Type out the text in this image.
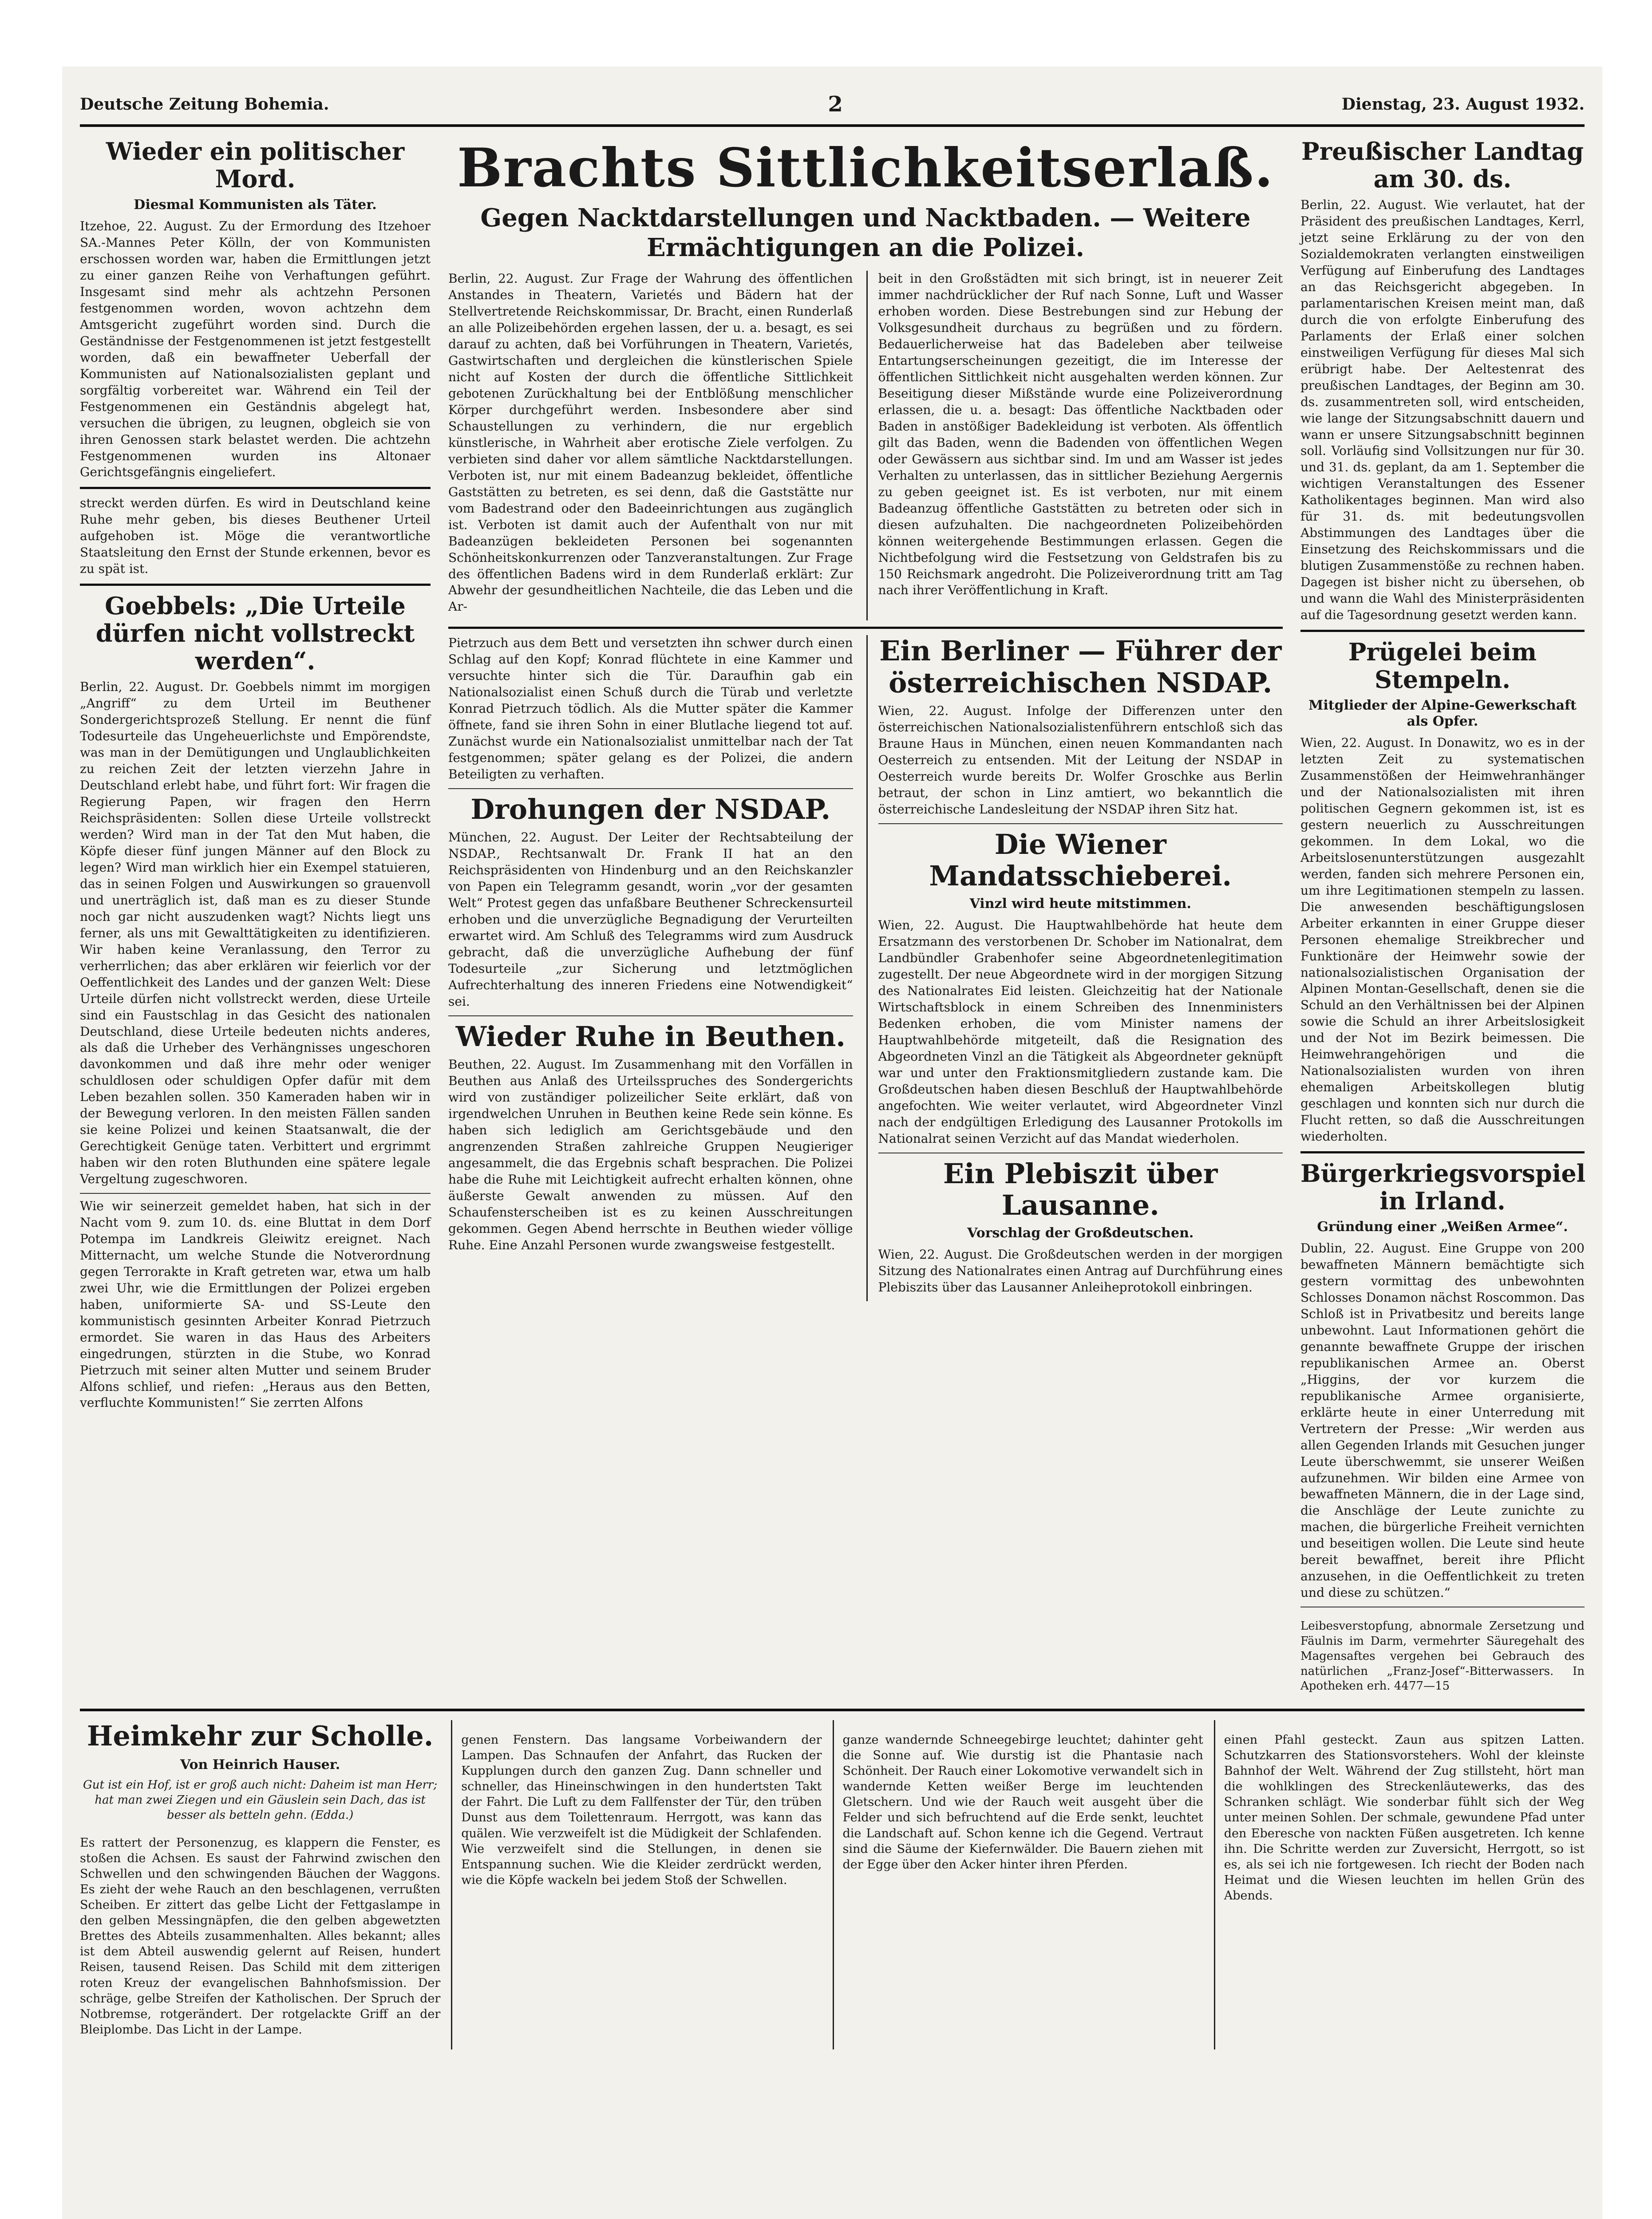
Deutsche Zeitung Bohemia.	2	Dienstag, 23. August 1932.
Wieder ein politischer Mord.
Diesmal Kommunisten als Täter.

Itzehoe, 22. August. Zu der Ermordung des Itzehoer SA.-Mannes Peter Kölln, der von Kommunisten erschossen worden war, haben die Ermittlungen jetzt zu einer ganzen Reihe von Verhaftungen geführt. Insgesamt sind mehr als achtzehn Personen festgenommen worden, wovon achtzehn dem Amtsgericht zugeführt worden sind. Durch die Geständnisse der Festgenommenen ist jetzt festgestellt worden, daß ein bewaffneter Ueberfall der Kommunisten auf Nationalsozialisten geplant und sorgfältig vorbereitet war. Während ein Teil der Festgenommenen ein Geständnis abgelegt hat, versuchen die übrigen, zu leugnen, obgleich sie von ihren Genossen stark belastet werden. Die achtzehn Festgenommenen wurden ins Altonaer Gerichtsgefängnis eingeliefert.

streckt werden dürfen. Es wird in Deutschland keine Ruhe mehr geben, bis dieses Beuthener Urteil aufgehoben ist. Möge die verantwortliche Staatsleitung den Ernst der Stunde erkennen, bevor es zu spät ist.

Goebbels: „Die Urteile dürfen nicht vollstreckt werden“.

Berlin, 22. August. Dr. Goebbels nimmt im morgigen „Angriff“ zu dem Urteil im Beuthener Sondergerichtsprozeß Stellung. Er nennt die fünf Todesurteile das Ungeheuerlichste und Empörendste, was man in der Demütigungen und Unglaublichkeiten zu reichen Zeit der letzten vierzehn Jahre in Deutschland erlebt habe, und führt fort: Wir fragen die Regierung Papen, wir fragen den Herrn Reichspräsidenten: Sollen diese Urteile vollstreckt werden? Wird man in der Tat den Mut haben, die Köpfe dieser fünf jungen Männer auf den Block zu legen? Wird man wirklich hier ein Exempel statuieren, das in seinen Folgen und Auswirkungen so grauenvoll und unerträglich ist, daß man es zu dieser Stunde noch gar nicht auszudenken wagt? Nichts liegt uns ferner, als uns mit Gewalttätigkeiten zu identifizieren. Wir haben keine Veranlassung, den Terror zu verherrlichen; das aber erklären wir feierlich vor der Oeffentlichkeit des Landes und der ganzen Welt: Diese Urteile dürfen nicht vollstreckt werden, diese Urteile sind ein Faustschlag in das Gesicht des nationalen Deutschland, diese Urteile bedeuten nichts anderes, als daß die Urheber des Verhängnisses ungeschoren davonkommen und daß ihre mehr oder weniger schuldlosen oder schuldigen Opfer dafür mit dem Leben bezahlen sollen. 350 Kameraden haben wir in der Bewegung verloren. In den meisten Fällen sanden sie keine Polizei und keinen Staatsanwalt, die der Gerechtigkeit Genüge taten. Verbittert und ergrimmt haben wir den roten Bluthunden eine spätere legale Vergeltung zugeschworen.

Wie wir seinerzeit gemeldet haben, hat sich in der Nacht vom 9. zum 10. ds. eine Bluttat in dem Dorf Potempa im Landkreis Gleiwitz ereignet. Nach Mitternacht, um welche Stunde die Notverordnung gegen Terrorakte in Kraft getreten war, etwa um halb zwei Uhr, wie die Ermittlungen der Polizei ergeben haben, uniformierte SA- und SS-Leute den kommunistisch gesinnten Arbeiter Konrad Pietrzuch ermordet. Sie waren in das Haus des Arbeiters eingedrungen, stürzten in die Stube, wo Konrad Pietrzuch mit seiner alten Mutter und seinem Bruder Alfons schlief, und riefen: „Heraus aus den Betten, verfluchte Kommunisten!“ Sie zerrten Alfons

Brachts Sittlichkeitserlaß.
Gegen Nacktdarstellungen und Nacktbaden. — Weitere Ermächtigungen an die Polizei.

Berlin, 22. August. Zur Frage der Wahrung des öffentlichen Anstandes in Theatern, Varietés und Bädern hat der Stellvertretende Reichskommissar, Dr. Bracht, einen Runderlaß an alle Polizeibehörden ergehen lassen, der u. a. besagt, es sei darauf zu achten, daß bei Vorführungen in Theatern, Varietés, Gastwirtschaften und dergleichen die künstlerischen Spiele nicht auf Kosten der durch die öffentliche Sittlichkeit gebotenen Zurückhaltung bei der Entblößung menschlicher Körper durchgeführt werden. Insbesondere aber sind Schaustellungen zu verhindern, die nur ergeblich künstlerische, in Wahrheit aber erotische Ziele verfolgen. Zu verbieten sind daher vor allem sämtliche Nacktdarstellungen. Verboten ist, nur mit einem Badeanzug bekleidet, öffentliche Gaststätten zu betreten, es sei denn, daß die Gaststätte nur vom Badestrand oder den Badeeinrichtungen aus zugänglich ist. Verboten ist damit auch der Aufenthalt von nur mit Badeanzügen bekleideten Personen bei sogenannten Schönheitskonkurrenzen oder Tanzveranstaltungen. Zur Frage des öffentlichen Badens wird in dem Runderlaß erklärt: Zur Abwehr der gesundheitlichen Nachteile, die das Leben und die Ar-

beit in den Großstädten mit sich bringt, ist in neuerer Zeit immer nachdrücklicher der Ruf nach Sonne, Luft und Wasser erhoben worden. Diese Bestrebungen sind zur Hebung der Volksgesundheit durchaus zu begrüßen und zu fördern. Bedauerlicherweise hat das Badeleben aber teilweise Entartungserscheinungen gezeitigt, die im Interesse der öffentlichen Sittlichkeit nicht ausgehalten werden können. Zur Beseitigung dieser Mißstände wurde eine Polizeiverordnung erlassen, die u. a. besagt: Das öffentliche Nacktbaden oder Baden in anstößiger Badekleidung ist verboten. Als öffentlich gilt das Baden, wenn die Badenden von öffentlichen Wegen oder Gewässern aus sichtbar sind. Im und am Wasser ist jedes Verhalten zu unterlassen, das in sittlicher Beziehung Aergernis zu geben geeignet ist. Es ist verboten, nur mit einem Badeanzug öffentliche Gaststätten zu betreten oder sich in diesen aufzuhalten. Die nachgeordneten Polizeibehörden können weitergehende Bestimmungen erlassen. Gegen die Nichtbefolgung wird die Festsetzung von Geldstrafen bis zu 150 Reichsmark angedroht. Die Polizeiverordnung tritt am Tag nach ihrer Veröffentlichung in Kraft.

Pietrzuch aus dem Bett und versetzten ihn schwer durch einen Schlag auf den Kopf; Konrad flüchtete in eine Kammer und versuchte hinter sich die Tür. Daraufhin gab ein Nationalsozialist einen Schuß durch die Türab und verletzte Konrad Pietrzuch tödlich. Als die Mutter später die Kammer öffnete, fand sie ihren Sohn in einer Blutlache liegend tot auf. Zunächst wurde ein Nationalsozialist unmittelbar nach der Tat festgenommen; später gelang es der Polizei, die andern Beteiligten zu verhaften.

Drohungen der NSDAP.

München, 22. August. Der Leiter der Rechtsabteilung der NSDAP., Rechtsanwalt Dr. Frank II hat an den Reichspräsidenten von Hindenburg und an den Reichskanzler von Papen ein Telegramm gesandt, worin „vor der gesamten Welt“ Protest gegen das unfaßbare Beuthener Schreckensurteil erhoben und die unverzügliche Begnadigung der Verurteilten erwartet wird. Am Schluß des Telegramms wird zum Ausdruck gebracht, daß die unverzügliche Aufhebung der fünf Todesurteile „zur Sicherung und letztmöglichen Aufrechterhaltung des inneren Friedens eine Notwendigkeit“ sei.

Wieder Ruhe in Beuthen.

Beuthen, 22. August. Im Zusammenhang mit den Vorfällen in Beuthen aus Anlaß des Urteilsspruches des Sondergerichts wird von zuständiger polizeilicher Seite erklärt, daß von irgendwelchen Unruhen in Beuthen keine Rede sein könne. Es haben sich lediglich am Gerichtsgebäude und den angrenzenden Straßen zahlreiche Gruppen Neugieriger angesammelt, die das Ergebnis schaft besprachen. Die Polizei habe die Ruhe mit Leichtigkeit aufrecht erhalten können, ohne äußerste Gewalt anwenden zu müssen. Auf den Schaufensterscheiben ist es zu keinen Ausschreitungen gekommen. Gegen Abend herrschte in Beuthen wieder völlige Ruhe. Eine Anzahl Personen wurde zwangsweise festgestellt.

Ein Berliner — Führer der österreichischen NSDAP.

Wien, 22. August. Infolge der Differenzen unter den österreichischen Nationalsozialistenführern entschloß sich das Braune Haus in München, einen neuen Kommandanten nach Oesterreich zu entsenden. Mit der Leitung der NSDAP in Oesterreich wurde bereits Dr. Wolfer Groschke aus Berlin betraut, der schon in Linz amtiert, wo bekanntlich die österreichische Landesleitung der NSDAP ihren Sitz hat.

Die Wiener Mandatsschieberei.
Vinzl wird heute mitstimmen.

Wien, 22. August. Die Hauptwahlbehörde hat heute dem Ersatzmann des verstorbenen Dr. Schober im Nationalrat, dem Landbündler Grabenhofer seine Abgeordnetenlegitimation zugestellt. Der neue Abgeordnete wird in der morgigen Sitzung des Nationalrates Eid leisten. Gleichzeitig hat der Nationale Wirtschaftsblock in einem Schreiben des Innenministers Bedenken erhoben, die vom Minister namens der Hauptwahlbehörde mitgeteilt, daß die Resignation des Abgeordneten Vinzl an die Tätigkeit als Abgeordneter geknüpft war und unter den Fraktionsmitgliedern zustande kam. Die Großdeutschen haben diesen Beschluß der Hauptwahlbehörde angefochten. Wie weiter verlautet, wird Abgeordneter Vinzl nach der endgültigen Erledigung des Lausanner Protokolls im Nationalrat seinen Verzicht auf das Mandat wiederholen.

Ein Plebiszit über Lausanne.
Vorschlag der Großdeutschen.

Wien, 22. August. Die Großdeutschen werden in der morgigen Sitzung des Nationalrates einen Antrag auf Durchführung eines Plebiszits über das Lausanner Anleiheprotokoll einbringen.

Preußischer Landtag am 30. ds.

Berlin, 22. August. Wie verlautet, hat der Präsident des preußischen Landtages, Kerrl, jetzt seine Erklärung zu der von den Sozialdemokraten verlangten einstweiligen Verfügung auf Einberufung des Landtages an das Reichsgericht abgegeben. In parlamentarischen Kreisen meint man, daß durch die von erfolgte Einberufung des Parlaments der Erlaß einer solchen einstweiligen Verfügung für dieses Mal sich erübrigt habe. Der Aeltestenrat des preußischen Landtages, der Beginn am 30. ds. zusammentreten soll, wird entscheiden, wie lange der Sitzungsabschnitt dauern und wann er unsere Sitzungsabschnitt beginnen soll. Vorläufig sind Vollsitzungen nur für 30. und 31. ds. geplant, da am 1. September die wichtigen Veranstaltungen des Essener Katholikentages beginnen. Man wird also für 31. ds. mit bedeutungsvollen Abstimmungen des Landtages über die Einsetzung des Reichskommissars und die blutigen Zusammenstöße zu rechnen haben. Dagegen ist bisher nicht zu übersehen, ob und wann die Wahl des Ministerpräsidenten auf die Tagesordnung gesetzt werden kann.

Prügelei beim Stempeln.
Mitglieder der Alpine-Gewerkschaft als Opfer.

Wien, 22. August. In Donawitz, wo es in der letzten Zeit zu systematischen Zusammenstößen der Heimwehranhänger und der Nationalsozialisten mit ihren politischen Gegnern gekommen ist, ist es gestern neuerlich zu Ausschreitungen gekommen. In dem Lokal, wo die Arbeitslosenunterstützungen ausgezahlt werden, fanden sich mehrere Personen ein, um ihre Legitimationen stempeln zu lassen. Die anwesenden beschäftigungslosen Arbeiter erkannten in einer Gruppe dieser Personen ehemalige Streikbrecher und Funktionäre der Heimwehr sowie der nationalsozialistischen Organisation der Alpinen Montan-Gesellschaft, denen sie die Schuld an den Verhältnissen bei der Alpinen sowie die Schuld an ihrer Arbeitslosigkeit und der Not im Bezirk beimessen. Die Heimwehrangehörigen und die Nationalsozialisten wurden von ihren ehemaligen Arbeitskollegen blutig geschlagen und konnten sich nur durch die Flucht retten, so daß die Ausschreitungen wiederholten.

Bürgerkriegsvorspiel in Irland.
Gründung einer „Weißen Armee“.

Dublin, 22. August. Eine Gruppe von 200 bewaffneten Männern bemächtigte sich gestern vormittag des unbewohnten Schlosses Donamon nächst Roscommon. Das Schloß ist in Privatbesitz und bereits lange unbewohnt. Laut Informationen gehört die genannte bewaffnete Gruppe der irischen republikanischen Armee an. Oberst „Higgins, der vor kurzem die republikanische Armee organisierte, erklärte heute in einer Unterredung mit Vertretern der Presse: „Wir werden aus allen Gegenden Irlands mit Gesuchen junger Leute überschwemmt, sie unserer Weißen aufzunehmen. Wir bilden eine Armee von bewaffneten Männern, die in der Lage sind, die Anschläge der Leute zunichte zu machen, die bürgerliche Freiheit vernichten und beseitigen wollen. Die Leute sind heute bereit bewaffnet, bereit ihre Pflicht anzusehen, in die Oeffentlichkeit zu treten und diese zu schützen.“

Leibesverstopfung, abnormale Zersetzung und Fäulnis im Darm, vermehrter Säuregehalt des Magensaftes vergehen bei Gebrauch des natürlichen „Franz-Josef“-Bitterwassers. In Apotheken erh. 4477—15

Heimkehr zur Scholle.
Von Heinrich Hauser.
Gut ist ein Hof, ist er groß auch nicht: Daheim ist man Herr; hat man zwei Ziegen und ein Gäuslein sein Dach, das ist besser als betteln gehn. (Edda.)

Es rattert der Personenzug, es klappern die Fenster, es stoßen die Achsen. Es saust der Fahrwind zwischen den Schwellen und den schwingenden Bäuchen der Waggons. Es zieht der wehe Rauch an den beschlagenen, verrußten Scheiben. Er zittert das gelbe Licht der Fettgaslampe in den gelben Messingnäpfen, die den gelben abgewetzten Brettes des Abteils zusammenhalten. Alles bekannt; alles ist dem Abteil auswendig gelernt auf Reisen, hundert Reisen, tausend Reisen. Das Schild mit dem zitterigen roten Kreuz der evangelischen Bahnhofsmission. Der schräge, gelbe Streifen der Katholischen. Der Spruch der Notbremse, rotgerändert. Der rotgelackte Griff an der Bleiplombe. Das Licht in der Lampe.

genen Fenstern. Das langsame Vorbeiwandern der Lampen. Das Schnaufen der Anfahrt, das Rucken der Kupplungen durch den ganzen Zug. Dann schneller und schneller, das Hineinschwingen in den hundertsten Takt der Fahrt. Die Luft zu dem Fallfenster der Tür, den trüben Dunst aus dem Toilettenraum. Herrgott, was kann das quälen. Wie verzweifelt ist die Müdigkeit der Schlafenden. Wie verzweifelt sind die Stellungen, in denen sie Entspannung suchen. Wie die Kleider zerdrückt werden, wie die Köpfe wackeln bei jedem Stoß der Schwellen.

ganze wandernde Schneegebirge leuchtet; dahinter geht die Sonne auf. Wie durstig ist die Phantasie nach Schönheit. Der Rauch einer Lokomotive verwandelt sich in wandernde Ketten weißer Berge im leuchtenden Gletschern. Und wie der Rauch weit ausgeht über die Felder und sich befruchtend auf die Erde senkt, leuchtet die Landschaft auf. Schon kenne ich die Gegend. Vertraut sind die Säume der Kiefernwälder. Die Bauern ziehen mit der Egge über den Acker hinter ihren Pferden.

einen Pfahl gesteckt. Zaun aus spitzen Latten. Schutzkarren des Stationsvorstehers. Wohl der kleinste Bahnhof der Welt. Während der Zug stillsteht, hört man die wohlklingen des Streckenläutewerks, das des Schranken schlägt. Wie sonderbar fühlt sich der Weg unter meinen Sohlen. Der schmale, gewundene Pfad unter den Eberesche von nackten Füßen ausgetreten. Ich kenne ihn. Die Schritte werden zur Zuversicht, Herrgott, so ist es, als sei ich nie fortgewesen. Ich riecht der Boden nach Heimat und die Wiesen leuchten im hellen Grün des Abends.
